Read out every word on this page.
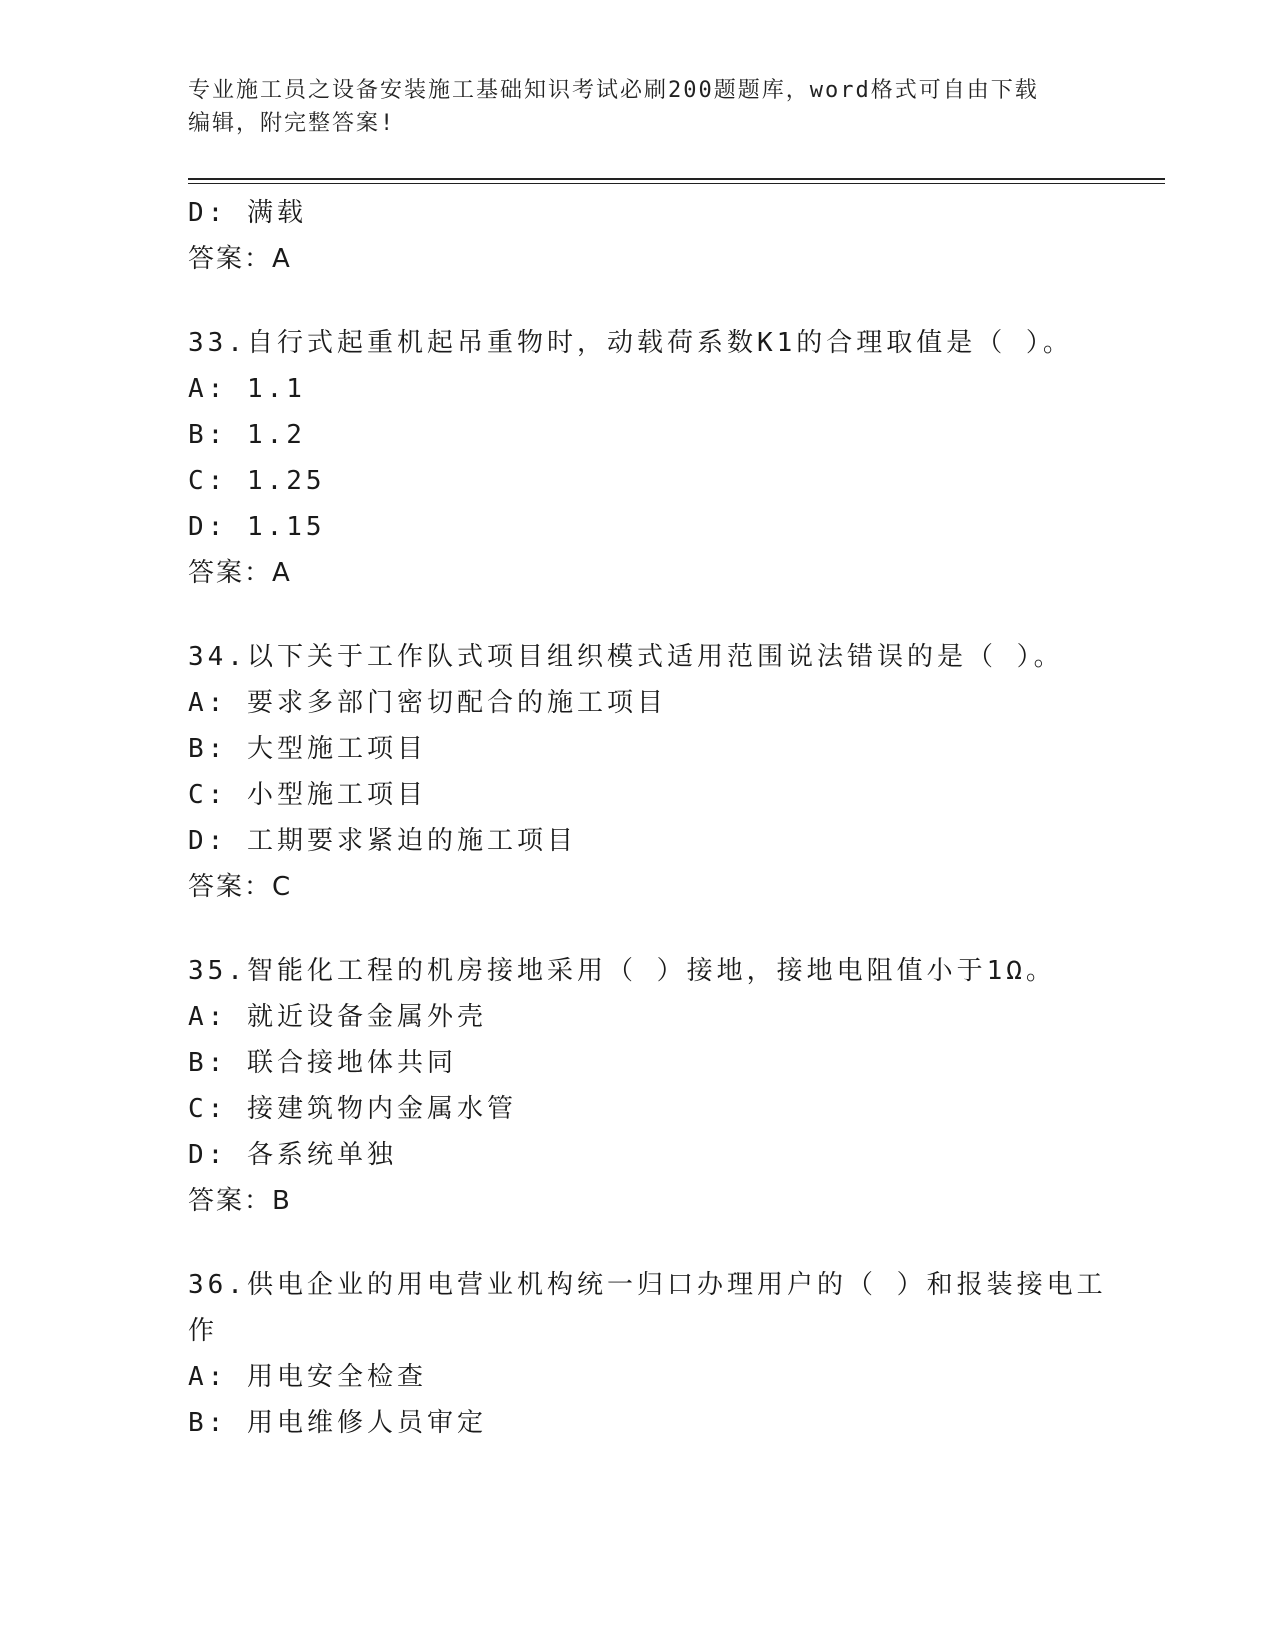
专业施工员之设备安装施工基础知识考试必刷200题题库，word格式可自由下载
编辑，附完整答案!
D: 满载
答案：A
33.自行式起重机起吊重物时，动载荷系数K1的合理取值是（ ）。
A: 1.1
B: 1.2
C: 1.25
D: 1.15
答案：A
34.以下关于工作队式项目组织模式适用范围说法错误的是（ ）。
A: 要求多部门密切配合的施工项目
B: 大型施工项目
C: 小型施工项目
D: 工期要求紧迫的施工项目
答案：C
35.智能化工程的机房接地采用（ ）接地，接地电阻值小于1Ω。
A: 就近设备金属外壳
B: 联合接地体共同
C: 接建筑物内金属水管
D: 各系统单独
答案：B
36.供电企业的用电营业机构统一归口办理用户的（ ）和报装接电工
作
A: 用电安全检查
B: 用电维修人员审定
